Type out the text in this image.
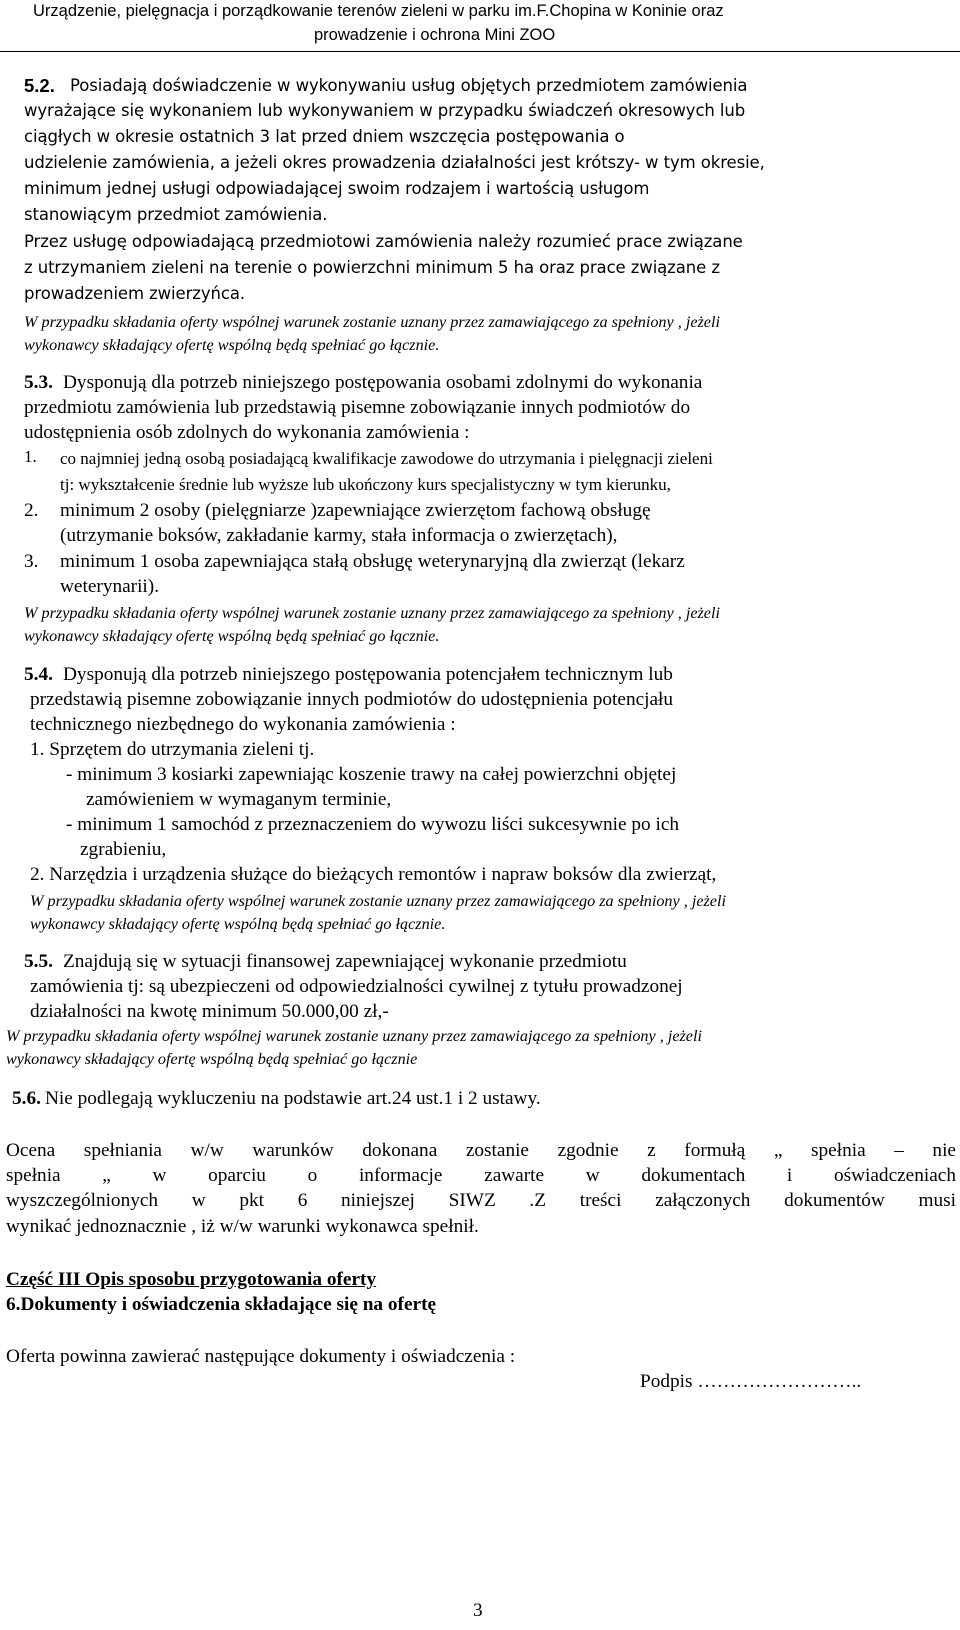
Urządzenie, pielęgnacja i porządkowanie terenów zieleni w parku im.F.Chopina w Koninie oraz
prowadzenie i ochrona Mini ZOO
5.2. Posiadają doświadczenie w wykonywaniu usług objętych przedmiotem zamówienia
wyrażające się wykonaniem lub wykonywaniem w przypadku świadczeń okresowych lub
ciągłych w okresie ostatnich 3 lat przed dniem wszczęcia postępowania o
udzielenie zamówienia, a jeżeli okres prowadzenia działalności jest krótszy- w tym okresie,
minimum jednej usługi odpowiadającej swoim rodzajem i wartością usługom
stanowiącym przedmiot zamówienia.
Przez usługę odpowiadającą przedmiotowi zamówienia należy rozumieć prace związane
z utrzymaniem zieleni na terenie o powierzchni minimum 5 ha oraz prace związane z
prowadzeniem zwierzyńca.
W przypadku składania oferty wspólnej warunek zostanie uznany przez zamawiającego za spełniony , jeżeli
wykonawcy składający ofertę wspólną będą spełniać go łącznie.
5.3. Dysponują dla potrzeb niniejszego postępowania osobami zdolnymi do wykonania
przedmiotu zamówienia lub przedstawią pisemne zobowiązanie innych podmiotów do
udostępnienia osób zdolnych do wykonania zamówienia :
1. co najmniej jedną osobą posiadającą kwalifikacje zawodowe do utrzymania i pielęgnacji zieleni
tj: wykształcenie średnie lub wyższe lub ukończony kurs specjalistyczny w tym kierunku,
2. minimum 2 osoby (pielęgniarze )zapewniające zwierzętom fachową obsługę
(utrzymanie boksów, zakładanie karmy, stała informacja o zwierzętach),
3. minimum 1 osoba zapewniająca stałą obsługę weterynaryjną dla zwierząt (lekarz
weterynarii).
W przypadku składania oferty wspólnej warunek zostanie uznany przez zamawiającego za spełniony , jeżeli
wykonawcy składający ofertę wspólną będą spełniać go łącznie.
5.4. Dysponują dla potrzeb niniejszego postępowania potencjałem technicznym lub
przedstawią pisemne zobowiązanie innych podmiotów do udostępnienia potencjału
technicznego niezbędnego do wykonania zamówienia :
1. Sprzętem do utrzymania zieleni tj.
- minimum 3 kosiarki zapewniając koszenie trawy na całej powierzchni objętej
zamówieniem w wymaganym terminie,
- minimum 1 samochód z przeznaczeniem do wywozu liści sukcesywnie po ich
zgrabieniu,
2. Narzędzia i urządzenia służące do bieżących remontów i napraw boksów dla zwierząt,
W przypadku składania oferty wspólnej warunek zostanie uznany przez zamawiającego za spełniony , jeżeli
wykonawcy składający ofertę wspólną będą spełniać go łącznie.
5.5. Znajdują się w sytuacji finansowej zapewniającej wykonanie przedmiotu
zamówienia tj: są ubezpieczeni od odpowiedzialności cywilnej z tytułu prowadzonej
działalności na kwotę minimum 50.000,00 zł,-
W przypadku składania oferty wspólnej warunek zostanie uznany przez zamawiającego za spełniony , jeżeli
wykonawcy składający ofertę wspólną będą spełniać go łącznie
5.6. Nie podlegają wykluczeniu na podstawie art.24 ust.1 i 2 ustawy.
Ocena spełniania w/w warunków dokonana zostanie zgodnie z formułą „ spełnia – nie
spełnia „ w oparciu o informacje zawarte w dokumentach i oświadczeniach
wyszczególnionych w pkt 6 niniejszej SIWZ .Z treści załączonych dokumentów musi
wynikać jednoznacznie , iż w/w warunki wykonawca spełnił.
Część III Opis sposobu przygotowania oferty
6.Dokumenty i oświadczenia składające się na ofertę
Oferta powinna zawierać następujące dokumenty i oświadczenia :
Podpis ……………………..
3
